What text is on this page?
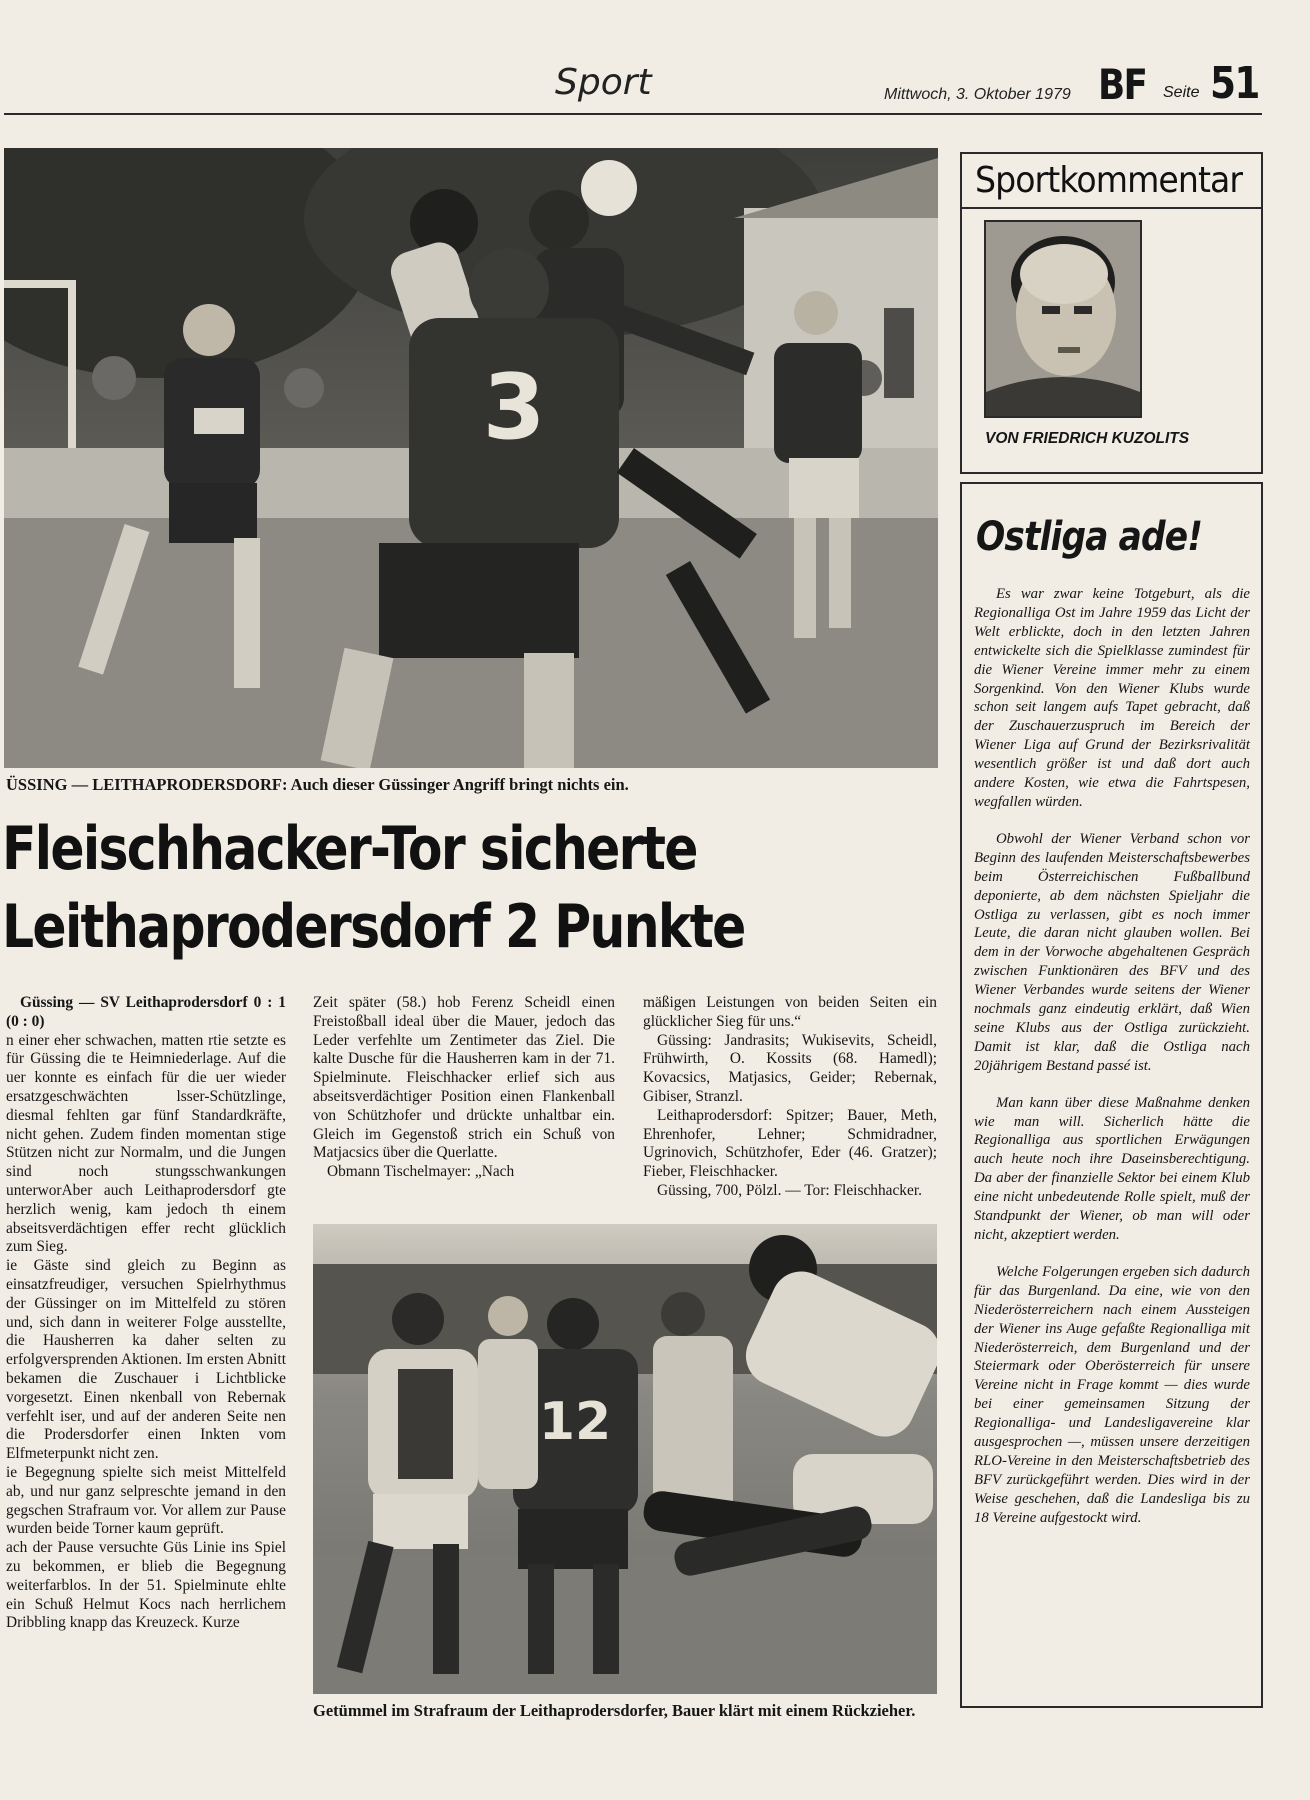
Sport	Mittwoch, 3. Oktober 1979 BF Seite 51
3
ÜSSING — LEITHAPRODERSDORF: Auch dieser Güssinger Angriff bringt nichts ein.
Fleischhacker-Tor sicherte
Leithaprodersdorf 2 Punkte

Güssing — SV Leithaprodersdorf 0 : 1 (0 : 0)

n einer eher schwachen, matten rtie setzte es für Güssing die te Heimniederlage. Auf die uer konnte es einfach für die uer wieder ersatzgeschwächten lsser-Schützlinge, diesmal fehlten gar fünf Standardkräfte, nicht gehen. Zudem finden momentan stige Stützen nicht zur Normalm, und die Jungen sind noch stungsschwankungen unterworAber auch Leithaprodersdorf gte herzlich wenig, kam jedoch th einem abseitsverdächtigen effer recht glücklich zum Sieg.

ie Gäste sind gleich zu Beginn as einsatzfreudiger, versuchen Spielrhythmus der Güssinger on im Mittelfeld zu stören und, sich dann in weiterer Folge ausstellte, die Hausherren ka daher selten zu erfolgversprenden Aktionen. Im ersten Abnitt bekamen die Zuschauer i Lichtblicke vorgesetzt. Einen nkenball von Rebernak verfehlt iser, und auf der anderen Seite nen die Prodersdorfer einen Inkten vom Elfmeterpunkt nicht zen.

ie Begegnung spielte sich meist Mittelfeld ab, und nur ganz selpreschte jemand in den gegschen Strafraum vor. Vor allem zur Pause wurden beide Torner kaum geprüft.

ach der Pause versuchte Güs Linie ins Spiel zu bekommen, er blieb die Begegnung weiterfarblos. In der 51. Spielminute ehlte ein Schuß Helmut Kocs nach herrlichem Dribbling knapp das Kreuzeck. Kurze

Zeit später (58.) hob Ferenz Scheidl einen Freistoßball ideal über die Mauer, jedoch das Leder verfehlte um Zentimeter das Ziel. Die kalte Dusche für die Hausherren kam in der 71. Spielminute. Fleischhacker erlief sich aus abseitsverdächtiger Position einen Flankenball von Schützhofer und drückte unhaltbar ein. Gleich im Gegenstoß strich ein Schuß von Matjacsics über die Querlatte.

Obmann Tischelmayer: „Nach

mäßigen Leistungen von beiden Seiten ein glücklicher Sieg für uns.“

Güssing: Jandrasits; Wukisevits, Scheidl, Frühwirth, O. Kossits (68. Hamedl); Kovacsics, Matjasics, Geider; Rebernak, Gibiser, Stranzl.

Leithaprodersdorf: Spitzer; Bauer, Meth, Ehrenhofer, Lehner; Schmidradner, Ugrinovich, Schützhofer, Eder (46. Gratzer); Fieber, Fleischhacker.

Güssing, 700, Pölzl. — Tor: Fleischhacker.

12
Getümmel im Strafraum der Leithaprodersdorfer, Bauer klärt mit einem Rückzieher.
Sportkommentar
VON FRIEDRICH KUZOLITS
Ostliga ade!

Es war zwar keine Totgeburt, als die Regionalliga Ost im Jahre 1959 das Licht der Welt erblickte, doch in den letzten Jahren entwickelte sich die Spielklasse zumindest für die Wiener Vereine immer mehr zu einem Sorgenkind. Von den Wiener Klubs wurde schon seit langem aufs Tapet gebracht, daß der Zuschauerzuspruch im Bereich der Wiener Liga auf Grund der Bezirksrivalität wesentlich größer ist und daß dort auch andere Kosten, wie etwa die Fahrtspesen, wegfallen würden.

Obwohl der Wiener Verband schon vor Beginn des laufenden Meisterschaftsbewerbes beim Österreichischen Fußballbund deponierte, ab dem nächsten Spieljahr die Ostliga zu verlassen, gibt es noch immer Leute, die daran nicht glauben wollen. Bei dem in der Vorwoche abgehaltenen Gespräch zwischen Funktionären des BFV und des Wiener Verbandes wurde seitens der Wiener nochmals ganz eindeutig erklärt, daß Wien seine Klubs aus der Ostliga zurückzieht. Damit ist klar, daß die Ostliga nach 20jährigem Bestand passé ist.

Man kann über diese Maßnahme denken wie man will. Sicherlich hätte die Regionalliga aus sportlichen Erwägungen auch heute noch ihre Daseinsberechtigung. Da aber der finanzielle Sektor bei einem Klub eine nicht unbedeutende Rolle spielt, muß der Standpunkt der Wiener, ob man will oder nicht, akzeptiert werden.

Welche Folgerungen ergeben sich dadurch für das Burgenland. Da eine, wie von den Niederösterreichern nach einem Aussteigen der Wiener ins Auge gefaßte Regionalliga mit Niederösterreich, dem Burgenland und der Steiermark oder Oberösterreich für unsere Vereine nicht in Frage kommt — dies wurde bei einer gemeinsamen Sitzung der Regionalliga- und Landesligavereine klar ausgesprochen —, müssen unsere derzeitigen RLO-Vereine in den Meisterschaftsbetrieb des BFV zurückgeführt werden. Dies wird in der Weise geschehen, daß die Landesliga bis zu 18 Vereine aufgestockt wird.
